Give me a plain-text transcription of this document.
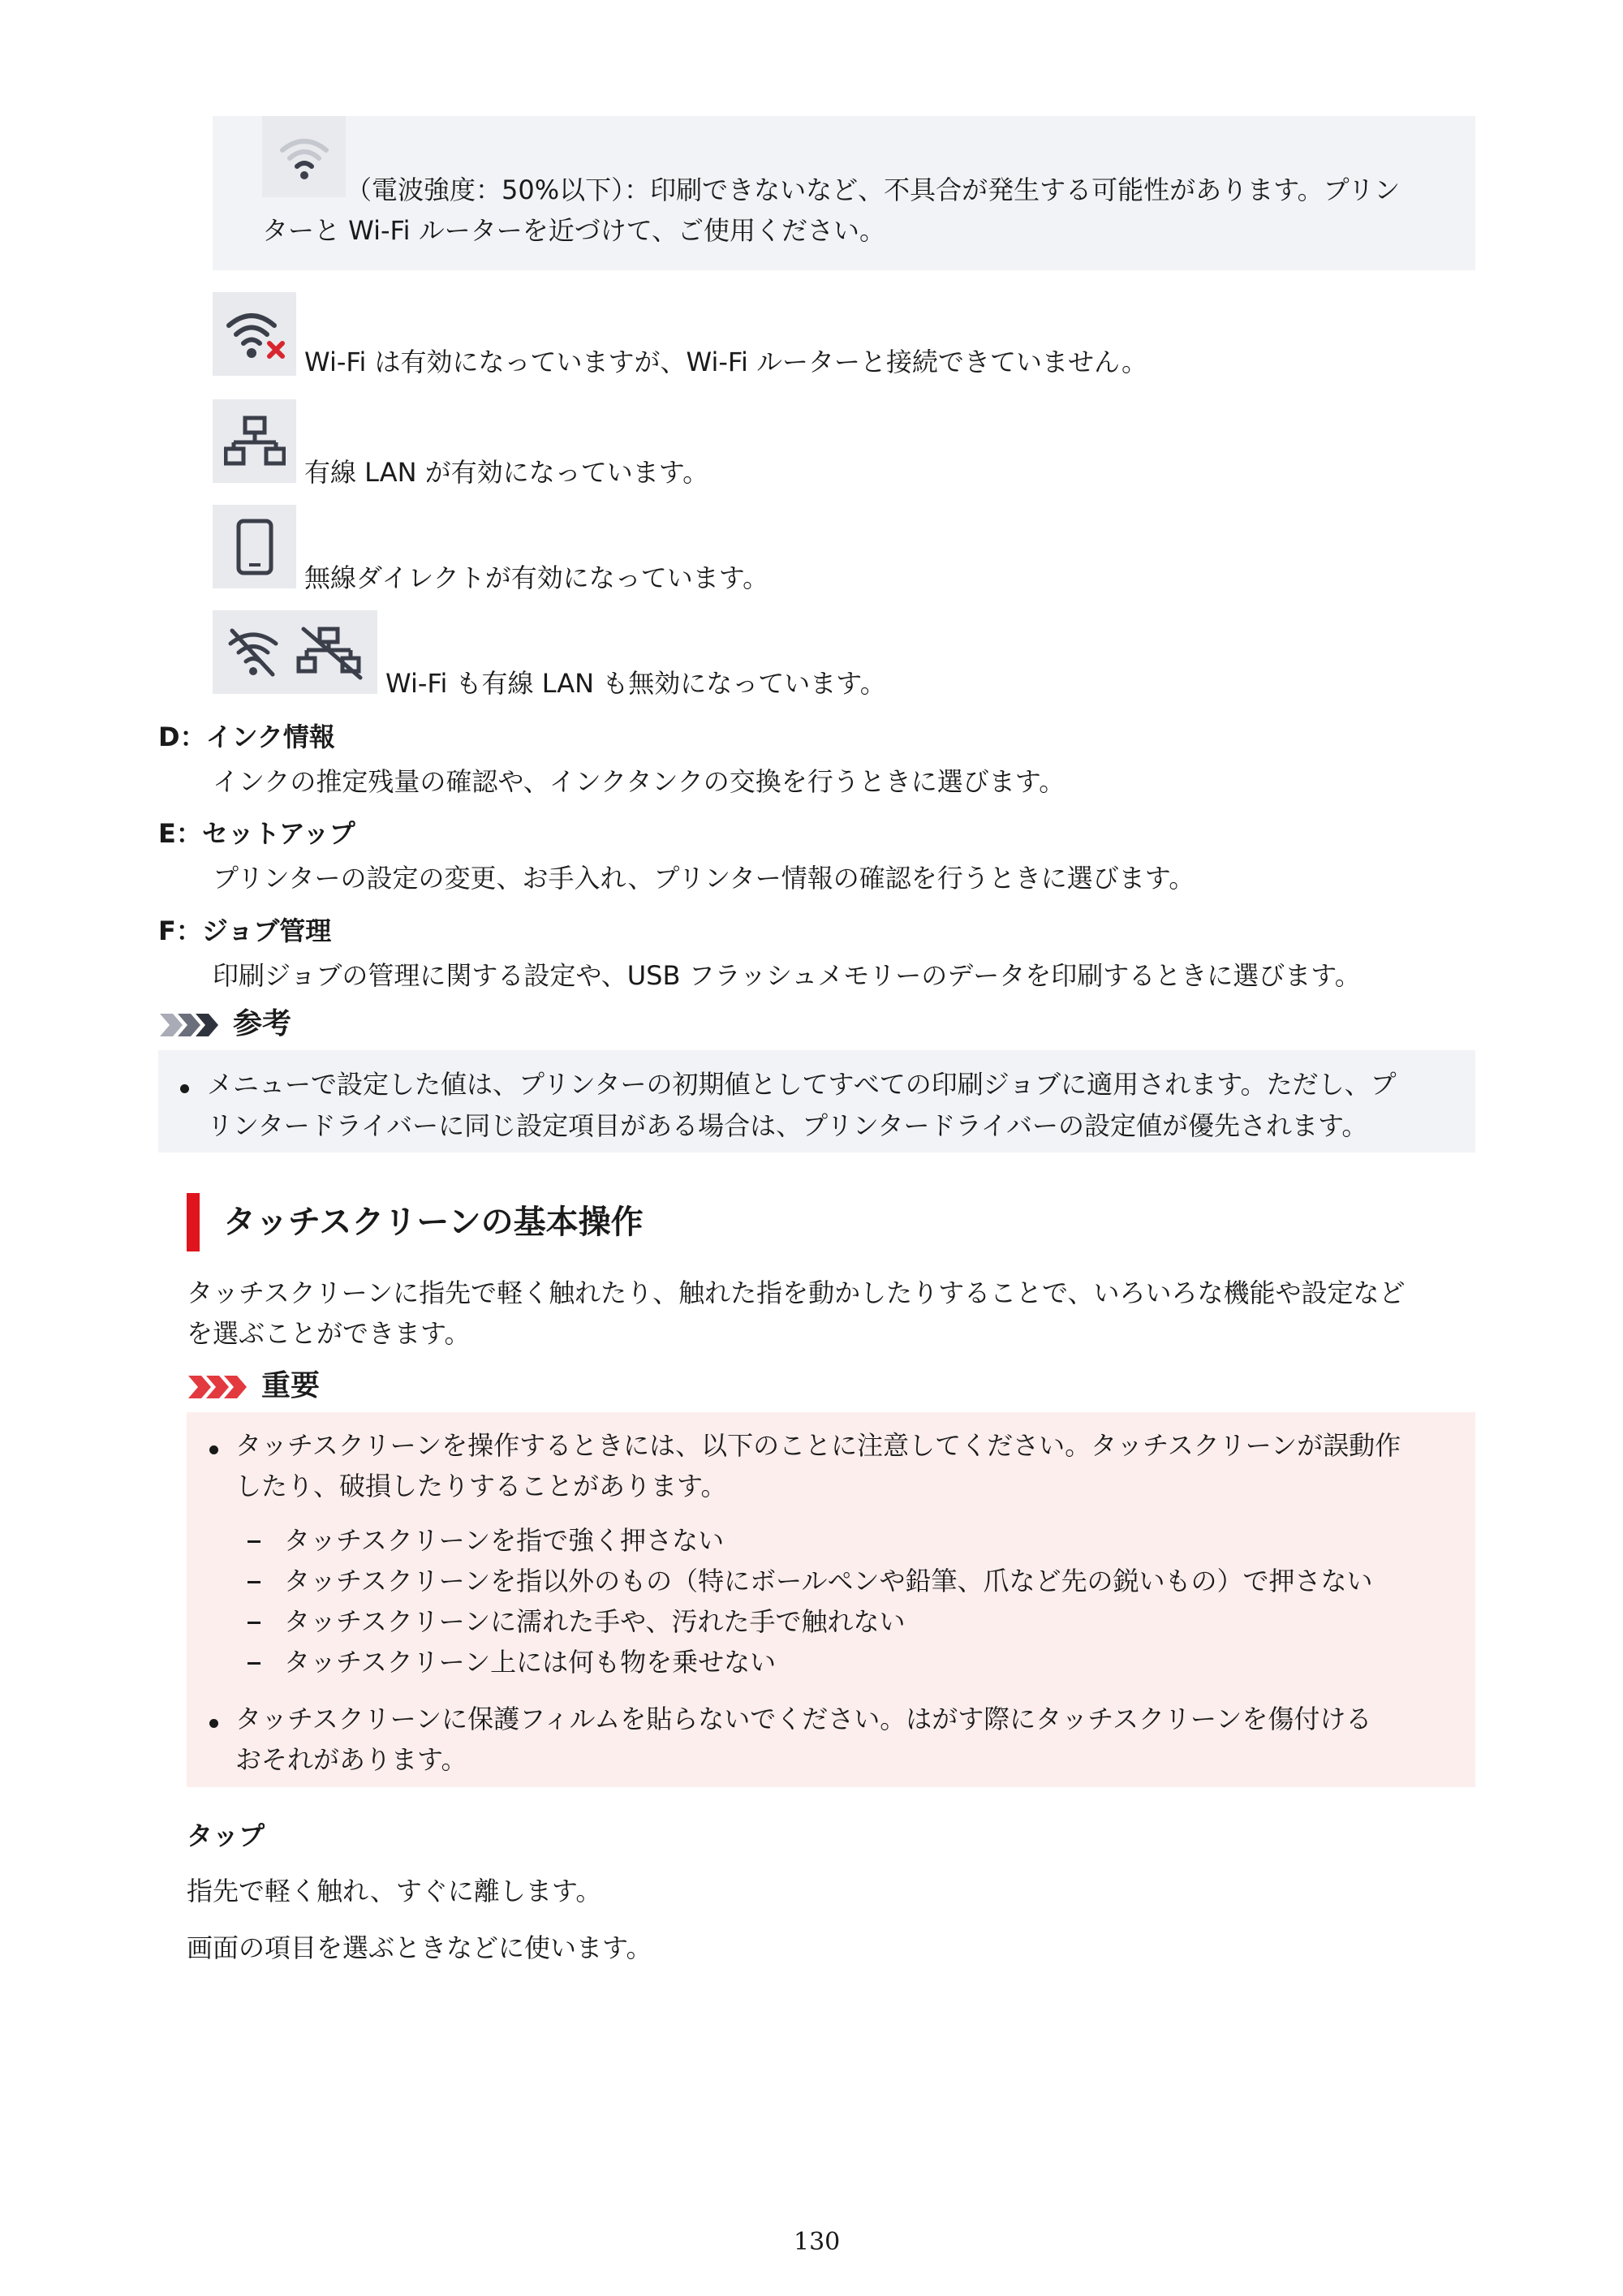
（電波強度：50%以下）：印刷できないなど、不具合が発生する可能性があります。プリン
ターと Wi-Fi ルーターを近づけて、ご使用ください。
Wi-Fi は有効になっていますが、Wi-Fi ルーターと接続できていません。
有線 LAN が有効になっています。
無線ダイレクトが有効になっています。
Wi-Fi も有線 LAN も無効になっています。
D：インク情報
インクの推定残量の確認や、インクタンクの交換を行うときに選びます。
E：セットアップ
プリンターの設定の変更、お手入れ、プリンター情報の確認を行うときに選びます。
F：ジョブ管理
印刷ジョブの管理に関する設定や、USB フラッシュメモリーのデータを印刷するときに選びます。
参考
メニューで設定した値は、プリンターの初期値としてすべての印刷ジョブに適用されます。ただし、プ
リンタードライバーに同じ設定項目がある場合は、プリンタードライバーの設定値が優先されます。
タッチスクリーンの基本操作
タッチスクリーンに指先で軽く触れたり、触れた指を動かしたりすることで、いろいろな機能や設定など
を選ぶことができます。
重要
タッチスクリーンを操作するときには、以下のことに注意してください。タッチスクリーンが誤動作
したり、破損したりすることがあります。
タッチスクリーンを指で強く押さない
タッチスクリーンを指以外のもの（特にボールペンや鉛筆、爪など先の鋭いもの）で押さない
タッチスクリーンに濡れた手や、汚れた手で触れない
タッチスクリーン上には何も物を乗せない
タッチスクリーンに保護フィルムを貼らないでください。はがす際にタッチスクリーンを傷付ける
おそれがあります。
タップ
指先で軽く触れ、すぐに離します。
画面の項目を選ぶときなどに使います。
130
